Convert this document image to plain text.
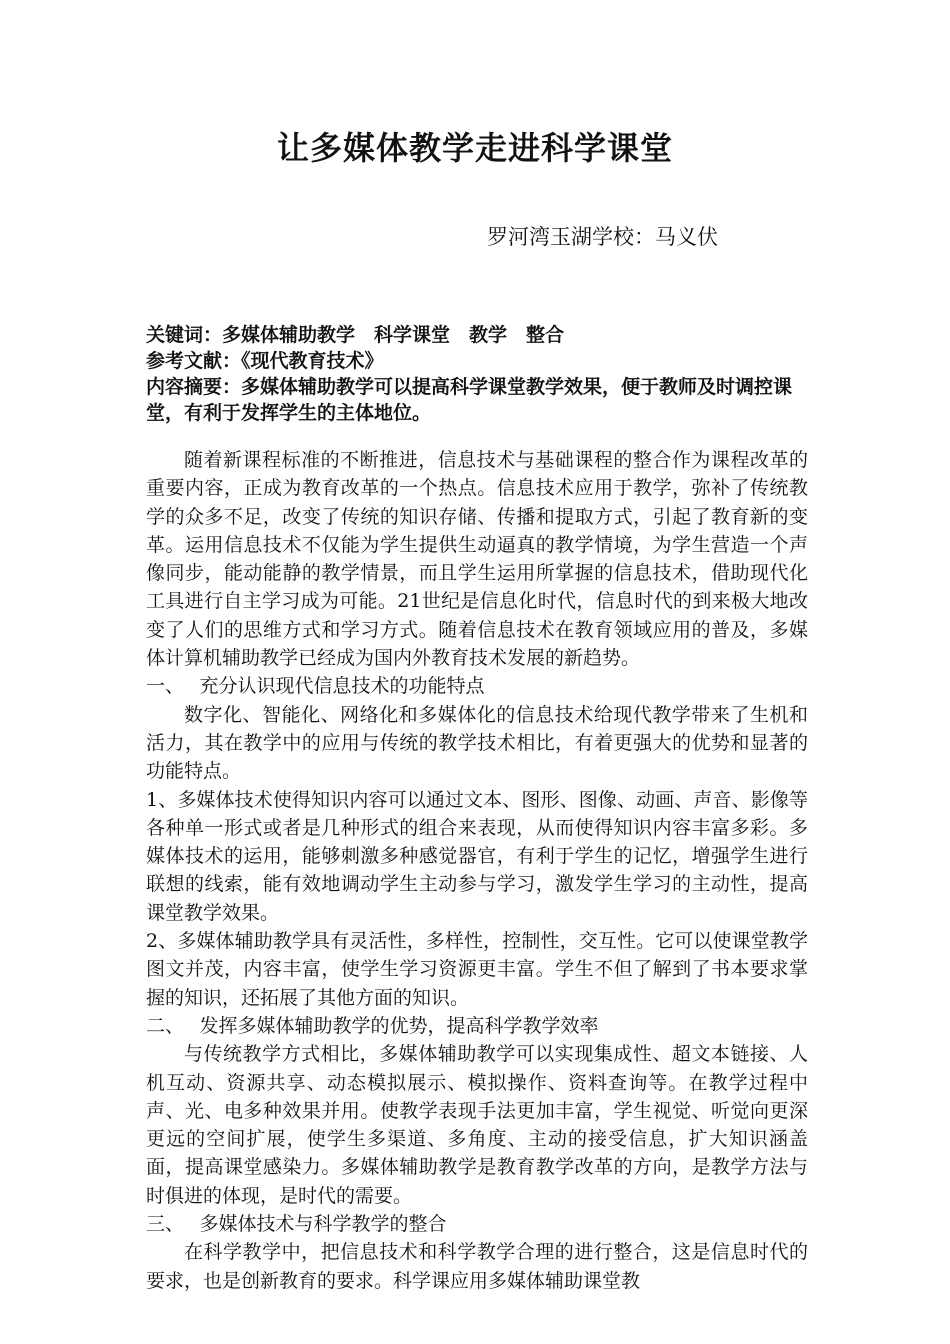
让多媒体教学走进科学课堂
罗河湾玉湖学校：马义伏
关键词：多媒体辅助教学　科学课堂　教学　整合
参考文献：《现代教育技术》
内容摘要：多媒体辅助教学可以提高科学课堂教学效果，便于教师及时调控课堂，有利于发挥学生的主体地位。

随着新课程标准的不断推进，信息技术与基础课程的整合作为课程改革的重要内容，正成为教育改革的一个热点。信息技术应用于教学，弥补了传统教学的众多不足，改变了传统的知识存储、传播和提取方式，引起了教育新的变革。运用信息技术不仅能为学生提供生动逼真的教学情境，为学生营造一个声像同步，能动能静的教学情景，而且学生运用所掌握的信息技术，借助现代化工具进行自主学习成为可能。21世纪是信息化时代，信息时代的到来极大地改变了人们的思维方式和学习方式。随着信息技术在教育领域应用的普及，多媒体计算机辅助教学已经成为国内外教育技术发展的新趋势。

一、　 充分认识现代信息技术的功能特点

数字化、智能化、网络化和多媒体化的信息技术给现代教学带来了生机和活力，其在教学中的应用与传统的教学技术相比，有着更强大的优势和显著的功能特点。

1、多媒体技术使得知识内容可以通过文本、图形、图像、动画、声音、影像等各种单一形式或者是几种形式的组合来表现，从而使得知识内容丰富多彩。多媒体技术的运用，能够刺激多种感觉器官，有利于学生的记忆，增强学生进行联想的线索，能有效地调动学生主动参与学习，激发学生学习的主动性，提高课堂教学效果。

2、多媒体辅助教学具有灵活性，多样性，控制性，交互性。它可以使课堂教学图文并茂，内容丰富，使学生学习资源更丰富。学生不但了解到了书本要求掌握的知识，还拓展了其他方面的知识。

二、　 发挥多媒体辅助教学的优势，提高科学教学效率

与传统教学方式相比，多媒体辅助教学可以实现集成性、超文本链接、人机互动、资源共享、动态模拟展示、模拟操作、资料查询等。在教学过程中声、光、电多种效果并用。使教学表现手法更加丰富，学生视觉、听觉向更深更远的空间扩展，使学生多渠道、多角度、主动的接受信息，扩大知识涵盖面，提高课堂感染力。多媒体辅助教学是教育教学改革的方向，是教学方法与时俱进的体现，是时代的需要。

三、　 多媒体技术与科学教学的整合

在科学教学中，把信息技术和科学教学合理的进行整合，这是信息时代的要求，也是创新教育的要求。科学课应用多媒体辅助课堂教
